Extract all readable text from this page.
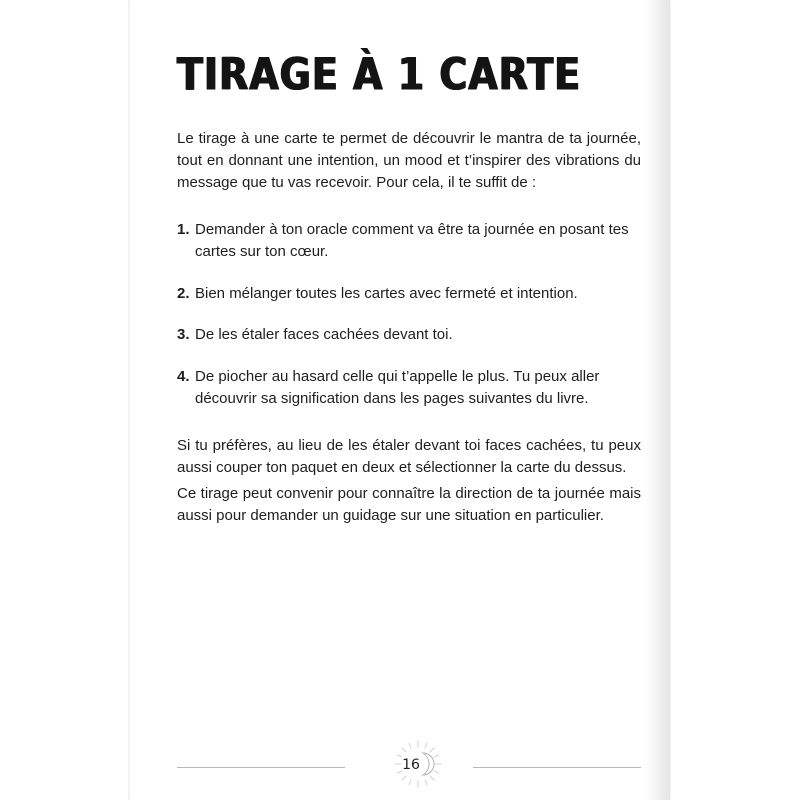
TIRAGE À 1 CARTE

Le tirage à une carte te permet de découvrir le mantra de ta journée, tout en donnant une intention, un mood et t’inspirer des vibrations du message que tu vas recevoir. Pour cela, il te suffit de :

1. Demander à ton oracle comment va être ta journée en posant tes cartes sur ton cœur.

2. Bien mélanger toutes les cartes avec fermeté et intention.

3. De les étaler faces cachées devant toi.

4. De piocher au hasard celle qui t’appelle le plus. Tu peux aller découvrir sa signification dans les pages suivantes du livre.

Si tu préfères, au lieu de les étaler devant toi faces cachées, tu peux aussi couper ton paquet en deux et sélectionner la carte du dessus.

Ce tirage peut convenir pour connaître la direction de ta journée mais aussi pour demander un guidage sur une situation en particulier.

16
